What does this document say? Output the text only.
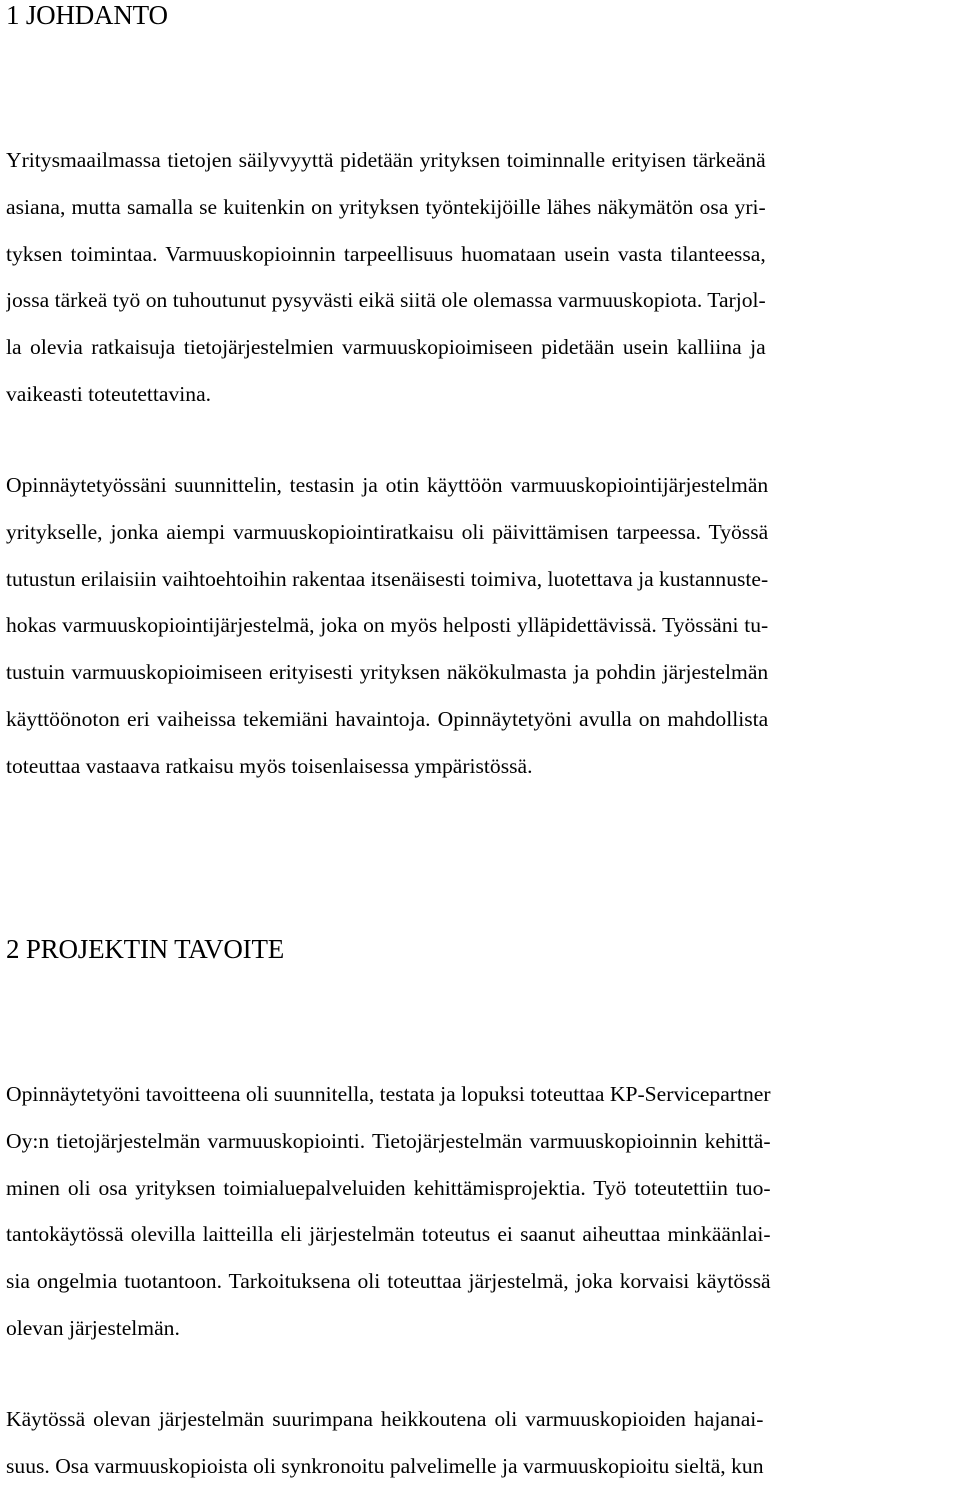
1 JOHDANTO
Yritysmaailmassa tietojen säilyvyyttä pidetään yrityksen toiminnalle erityisen tärkeänä
asiana, mutta samalla se kuitenkin on yrityksen työntekijöille lähes näkymätön osa yri-
tyksen toimintaa. Varmuuskopioinnin tarpeellisuus huomataan usein vasta tilanteessa,
jossa tärkeä työ on tuhoutunut pysyvästi eikä siitä ole olemassa varmuuskopiota. Tarjol-
la olevia ratkaisuja tietojärjestelmien varmuuskopioimiseen pidetään usein kalliina ja
vaikeasti toteutettavina.
Opinnäytetyössäni suunnittelin, testasin ja otin käyttöön varmuuskopiointijärjestelmän
yritykselle, jonka aiempi varmuuskopiointiratkaisu oli päivittämisen tarpeessa. Työssä
tutustun erilaisiin vaihtoehtoihin rakentaa itsenäisesti toimiva, luotettava ja kustannuste-
hokas varmuuskopiointijärjestelmä, joka on myös helposti ylläpidettävissä. Työssäni tu-
tustuin varmuuskopioimiseen erityisesti yrityksen näkökulmasta ja pohdin järjestelmän
käyttöönoton eri vaiheissa tekemiäni havaintoja. Opinnäytetyöni avulla on mahdollista
toteuttaa vastaava ratkaisu myös toisenlaisessa ympäristössä.
2 PROJEKTIN TAVOITE
Opinnäytetyöni tavoitteena oli suunnitella, testata ja lopuksi toteuttaa KP-Servicepartner
Oy:n tietojärjestelmän varmuuskopiointi. Tietojärjestelmän varmuuskopioinnin kehittä-
minen oli osa yrityksen toimialuepalveluiden kehittämisprojektia. Työ toteutettiin tuo-
tantokäytössä olevilla laitteilla eli järjestelmän toteutus ei saanut aiheuttaa minkäänlai-
sia ongelmia tuotantoon. Tarkoituksena oli toteuttaa järjestelmä, joka korvaisi käytössä
olevan järjestelmän.
Käytössä olevan järjestelmän suurimpana heikkoutena oli varmuuskopioiden hajanai-
suus. Osa varmuuskopioista oli synkronoitu palvelimelle ja varmuuskopioitu sieltä, kun
